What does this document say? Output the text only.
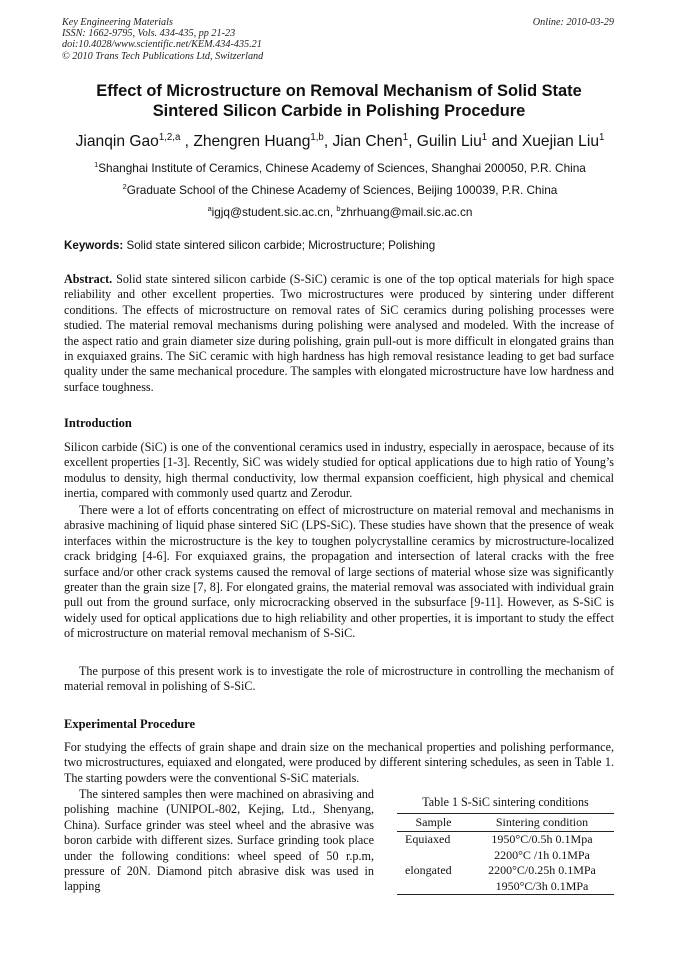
Key Engineering Materials
ISSN: 1662-9795, Vols. 434-435, pp 21-23
doi:10.4028/www.scientific.net/KEM.434-435.21
© 2010 Trans Tech Publications Ltd, Switzerland
Online: 2010-03-29
Effect of Microstructure on Removal Mechanism of Solid State
Sintered Silicon Carbide in Polishing Procedure
Jianqin Gao$^{1,2,a}$ , Zhengren Huang$^{1,b}$, Jian Chen$^1$, Guilin Liu$^1$ and Xuejian Liu$^1$
$^1$Shanghai Institute of Ceramics, Chinese Academy of Sciences, Shanghai 200050, P.R. China
$^2$Graduate School of the Chinese Academy of Sciences, Beijing 100039, P.R. China
$^a$igjq@student.sic.ac.cn, $^b$zhrhuang@mail.sic.ac.cn
Keywords: Solid state sintered silicon carbide; Microstructure; Polishing
Abstract. Solid state sintered silicon carbide (S-SiC) ceramic is one of the top optical materials for high space reliability and other excellent properties. Two microstructures were produced by sintering under different conditions. The effects of microstructure on removal rates of SiC ceramics during polishing processes were studied. The material removal mechanisms during polishing were analysed and modeled. With the increase of the aspect ratio and grain diameter size during polishing, grain pull-out is more difficult in elongated grains than in exquiaxed grains. The SiC ceramic with high hardness has high removal resistance leading to get bad surface quality under the same mechanical procedure. The samples with elongated microstructure have low hardness and surface toughness.
Introduction
Silicon carbide (SiC) is one of the conventional ceramics used in industry, especially in aerospace, because of its excellent properties [1-3]. Recently, SiC was widely studied for optical applications due to high ratio of Young’s modulus to density, high thermal conductivity, low thermal expansion coefficient, high physical and chemical inertia, compared with commonly used quartz and Zerodur.
There were a lot of efforts concentrating on effect of microstructure on material removal and mechanisms in abrasive machining of liquid phase sintered SiC (LPS-SiC). These studies have shown that the presence of weak interfaces within the microstructure is the key to toughen polycrystalline ceramics by microstructure-localized crack bridging [4-6]. For exquiaxed grains, the propagation and intersection of lateral cracks with the free surface and/or other crack systems caused the removal of large sections of material whose size was significantly greater than the grain size [7, 8]. For elongated grains, the material removal was associated with individual grain pull out from the ground surface, only microcracking observed in the subsurface [9-11]. However, as S-SiC is widely used for optical applications due to high reliability and other properties, it is important to study the effect of microstructure on material removal mechanism of S-SiC.
The purpose of this present work is to investigate the role of microstructure in controlling the mechanism of material removal in polishing of S-SiC.
Experimental Procedure
For studying the effects of grain shape and drain size on the mechanical properties and polishing performance, two microstructures, equiaxed and elongated, were produced by different sintering schedules, as seen in Table 1. The starting powders were the conventional S-SiC materials.
The sintered samples then were machined on abrasiving and polishing machine (UNIPOL-802, Kejing, Ltd., Shenyang, China). Surface grinder was steel wheel and the abrasive was boron carbide with different sizes. Surface grinding took place under the following conditions: wheel speed of 50 r.p.m, pressure of 20N. Diamond pitch abrasive disk was used in lapping
Table 1 S-SiC sintering conditions
Sample	Sintering condition
Equiaxed	1950°C/0.5h 0.1Mpa
	2200°C /1h 0.1MPa
elongated	2200°C/0.25h 0.1MPa
	1950°C/3h 0.1MPa
